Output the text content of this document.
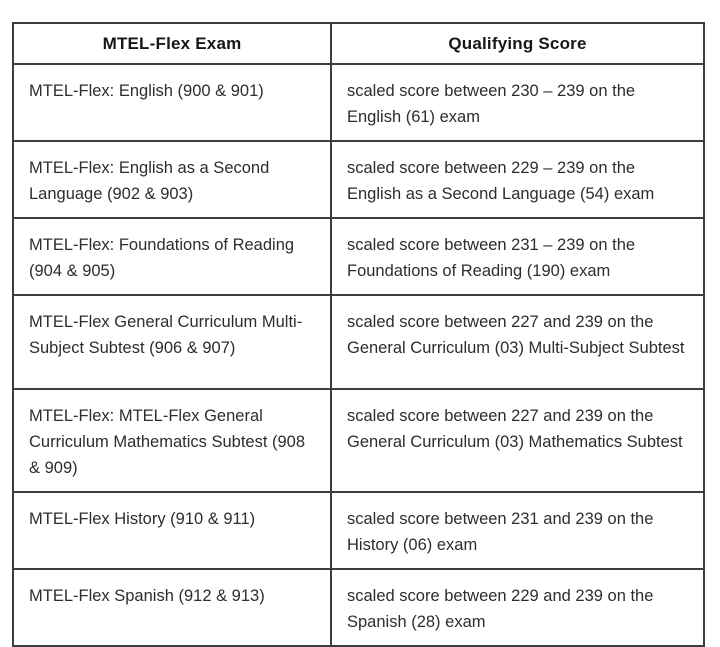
MTEL-Flex Exam	Qualifying Score
MTEL-Flex: English (900 & 901)	scaled score between 230 – 239 on the English (61) exam
MTEL-Flex: English as a Second Language (902 & 903)	scaled score between 229 – 239 on the English as a Second Language (54) exam
MTEL-Flex: Foundations of Reading (904 & 905)	scaled score between 231 – 239 on the Foundations of Reading (190) exam
MTEL-Flex General Curriculum Multi-Subject Subtest (906 & 907)	scaled score between 227 and 239 on the General Curriculum (03) Multi-Subject Subtest
MTEL-Flex: MTEL-Flex General Curriculum Mathematics Subtest (908 & 909)	scaled score between 227 and 239 on the General Curriculum (03) Mathematics Subtest
MTEL-Flex History (910 & 911)	scaled score between 231 and 239 on the History (06) exam
MTEL-Flex Spanish (912 & 913)	scaled score between 229 and 239 on the Spanish (28) exam
